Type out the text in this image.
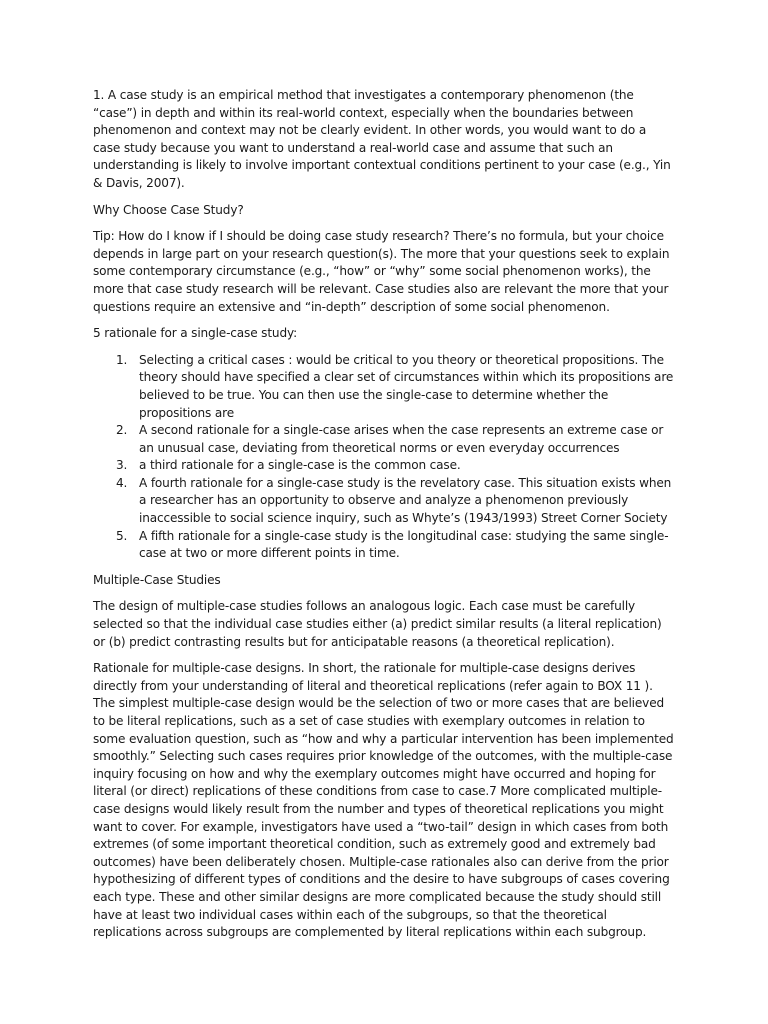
1. A case study is an empirical method that investigates a contemporary phenomenon (the “case”) in depth and within its real-world context, especially when the boundaries between phenomenon and context may not be clearly evident. In other words, you would want to do a case study because you want to understand a real-world case and assume that such an understanding is likely to involve important contextual conditions pertinent to your case (e.g., Yin & Davis, 2007).

Why Choose Case Study?

Tip: How do I know if I should be doing case study research? There’s no formula, but your choice depends in large part on your research question(s). The more that your questions seek to explain some contemporary circumstance (e.g., “how” or “why” some social phenomenon works), the more that case study research will be relevant. Case studies also are relevant the more that your questions require an extensive and “in-depth” description of some social phenomenon.

5 rationale for a single-case study:

1. Selecting a critical cases : would be critical to you theory or theoretical propositions. The theory should have specified a clear set of circumstances within which its propositions are believed to be true. You can then use the single-case to determine whether the propositions are
2. A second rationale for a single-case arises when the case represents an extreme case or an unusual case, deviating from theoretical norms or even everyday occurrences
3. a third rationale for a single-case is the common case.
4. A fourth rationale for a single-case study is the revelatory case. This situation exists when a researcher has an opportunity to observe and analyze a phenomenon previously inaccessible to social science inquiry, such as Whyte’s (1943/1993) Street Corner Society
5. A fifth rationale for a single-case study is the longitudinal case: studying the same single-case at two or more different points in time.

Multiple-Case Studies

The design of multiple-case studies follows an analogous logic. Each case must be carefully selected so that the individual case studies either (a) predict similar results (a literal replication) or (b) predict contrasting results but for anticipatable reasons (a theoretical replication).

Rationale for multiple-case designs. In short, the rationale for multiple-case designs derives directly from your understanding of literal and theoretical replications (refer again to BOX 11 ). The simplest multiple-case design would be the selection of two or more cases that are believed to be literal replications, such as a set of case studies with exemplary outcomes in relation to some evaluation question, such as “how and why a particular intervention has been implemented smoothly.” Selecting such cases requires prior knowledge of the outcomes, with the multiple-case inquiry focusing on how and why the exemplary outcomes might have occurred and hoping for literal (or direct) replications of these conditions from case to case.7 More complicated multiple-case designs would likely result from the number and types of theoretical replications you might want to cover. For example, investigators have used a “two-tail” design in which cases from both extremes (of some important theoretical condition, such as extremely good and extremely bad outcomes) have been deliberately chosen. Multiple-case rationales also can derive from the prior hypothesizing of different types of conditions and the desire to have subgroups of cases covering each type. These and other similar designs are more complicated because the study should still have at least two individual cases within each of the subgroups, so that the theoretical replications across subgroups are complemented by literal replications within each subgroup.
